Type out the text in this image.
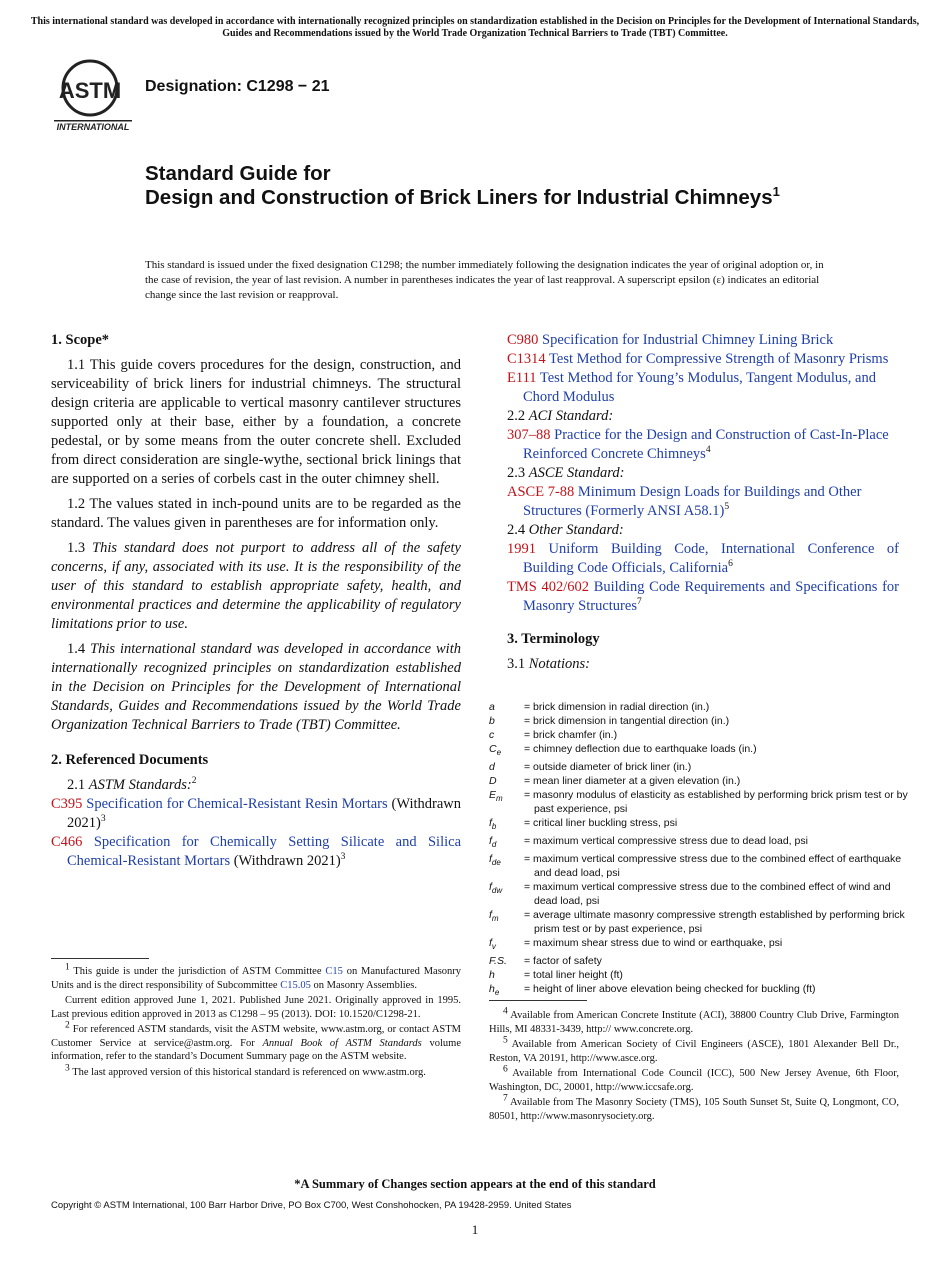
This international standard was developed in accordance with internationally recognized principles on standardization established in the Decision on Principles for the Development of International Standards, Guides and Recommendations issued by the World Trade Organization Technical Barriers to Trade (TBT) Committee.
ASTM
INTERNATIONAL
Designation: C1298 − 21
Standard Guide for
Design and Construction of Brick Liners for Industrial Chimneys$^1$
This standard is issued under the fixed designation C1298; the number immediately following the designation indicates the year of original adoption or, in the case of revision, the year of last revision. A number in parentheses indicates the year of last reapproval. A superscript epsilon (ε) indicates an editorial change since the last revision or reapproval.
1. Scope*

1.1 This guide covers procedures for the design, construction, and serviceability of brick liners for industrial chimneys. The structural design criteria are applicable to vertical masonry cantilever structures supported only at their base, either by a foundation, a concrete pedestal, or by some means from the outer concrete shell. Excluded from direct consideration are single-wythe, sectional brick linings that are supported on a series of corbels cast in the outer chimney shell.

1.2 The values stated in inch-pound units are to be regarded as the standard. The values given in parentheses are for information only.

1.3 This standard does not purport to address all of the safety concerns, if any, associated with its use. It is the responsibility of the user of this standard to establish appropriate safety, health, and environmental practices and determine the applicability of regulatory limitations prior to use.

1.4 This international standard was developed in accordance with internationally recognized principles on standardization established in the Decision on Principles for the Development of International Standards, Guides and Recommendations issued by the World Trade Organization Technical Barriers to Trade (TBT) Committee.

2. Referenced Documents
2.1 ASTM Standards:$^2$
C395 Specification for Chemical-Resistant Resin Mortars (Withdrawn 2021)$^3$
C466 Specification for Chemically Setting Silicate and Silica Chemical-Resistant Mortars (Withdrawn 2021)$^3$
C980 Specification for Industrial Chimney Lining Brick
C1314 Test Method for Compressive Strength of Masonry Prisms
E111 Test Method for Young’s Modulus, Tangent Modulus, and Chord Modulus
2.2 ACI Standard:
307–88 Practice for the Design and Construction of Cast-In-Place Reinforced Concrete Chimneys$^4$
2.3 ASCE Standard:
ASCE 7-88 Minimum Design Loads for Buildings and Other Structures (Formerly ANSI A58.1)$^5$
2.4 Other Standard:
1991 Uniform Building Code, International Conference of Building Code Officials, California$^6$
TMS 402/602 Building Code Requirements and Specifications for Masonry Structures$^7$
3. Terminology
3.1 Notations:
a	= brick dimension in radial direction (in.)
b	= brick dimension in tangential direction (in.)
c	= brick chamfer (in.)
$C_e$	= chimney deflection due to earthquake loads (in.)
d	= outside diameter of brick liner (in.)
D	= mean liner diameter at a given elevation (in.)
$E_m$	= masonry modulus of elasticity as established by performing brick prism test or by past experience, psi
$f_b$	= critical liner buckling stress, psi
$f_d$	= maximum vertical compressive stress due to dead load, psi
$f_{de}$	= maximum vertical compressive stress due to the combined effect of earthquake and dead load, psi
$f_{dw}$	= maximum vertical compressive stress due to the combined effect of wind and dead load, psi
$f_m$	= average ultimate masonry compressive strength established by performing brick prism test or by past experience, psi
$f_v$	= maximum shear stress due to wind or earthquake, psi
F.S.	= factor of safety
h	= total liner height (ft)
$h_e$	= height of liner above elevation being checked for buckling (ft)

$^1$ This guide is under the jurisdiction of ASTM Committee C15 on Manufactured Masonry Units and is the direct responsibility of Subcommittee C15.05 on Masonry Assemblies.

Current edition approved June 1, 2021. Published June 2021. Originally approved in 1995. Last previous edition approved in 2013 as C1298 – 95 (2013). DOI: 10.1520/C1298-21.

$^2$ For referenced ASTM standards, visit the ASTM website, www.astm.org, or contact ASTM Customer Service at service@astm.org. For Annual Book of ASTM Standards volume information, refer to the standard’s Document Summary page on the ASTM website.

$^3$ The last approved version of this historical standard is referenced on www.astm.org.

$^4$ Available from American Concrete Institute (ACI), 38800 Country Club Drive, Farmington Hills, MI 48331-3439, http:// www.concrete.org.

$^5$ Available from American Society of Civil Engineers (ASCE), 1801 Alexander Bell Dr., Reston, VA 20191, http://www.asce.org.

$^6$ Available from International Code Council (ICC), 500 New Jersey Avenue, 6th Floor, Washington, DC, 20001, http://www.iccsafe.org.

$^7$ Available from The Masonry Society (TMS), 105 South Sunset St, Suite Q, Longmont, CO, 80501, http://www.masonrysociety.org.

*A Summary of Changes section appears at the end of this standard
Copyright © ASTM International, 100 Barr Harbor Drive, PO Box C700, West Conshohocken, PA 19428-2959. United States
1
